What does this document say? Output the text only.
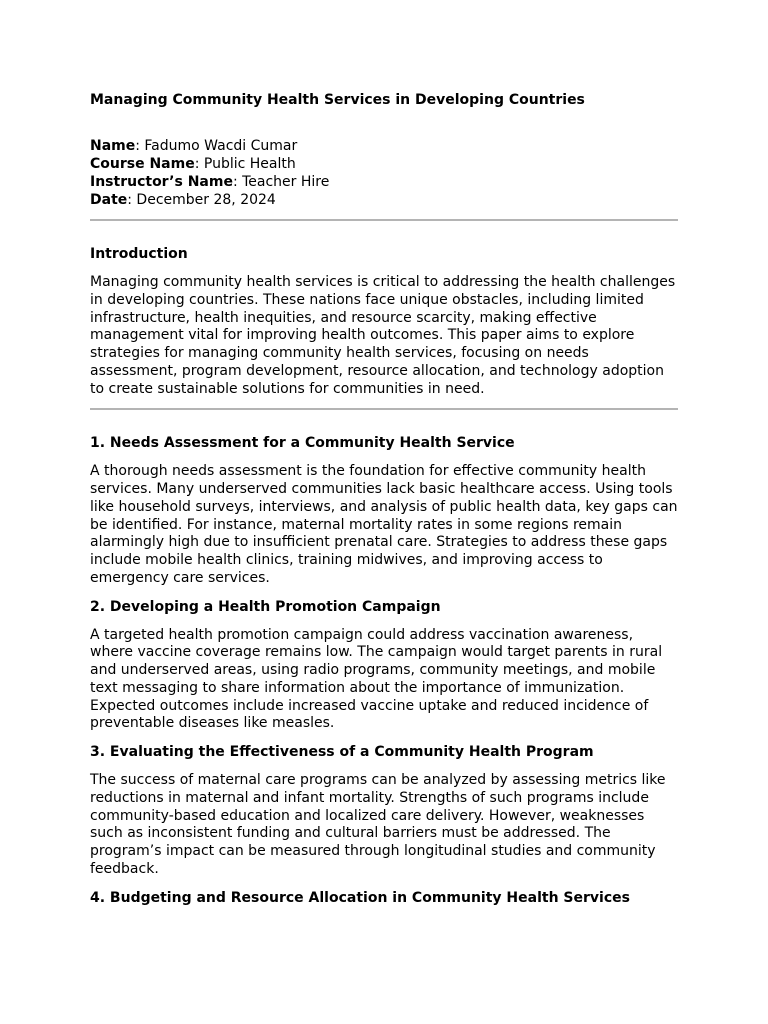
Managing Community Health Services in Developing Countries

Name: Fadumo Wacdi Cumar

Course Name: Public Health

Instructor’s Name: Teacher Hire

Date: December 28, 2024

Introduction

Managing community health services is critical to addressing the health challenges in developing countries. These nations face unique obstacles, including limited infrastructure, health inequities, and resource scarcity, making effective management vital for improving health outcomes. This paper aims to explore strategies for managing community health services, focusing on needs assessment, program development, resource allocation, and technology adoption to create sustainable solutions for communities in need.

1. Needs Assessment for a Community Health Service

A thorough needs assessment is the foundation for effective community health services. Many underserved communities lack basic healthcare access. Using tools like household surveys, interviews, and analysis of public health data, key gaps can be identified. For instance, maternal mortality rates in some regions remain alarmingly high due to insufficient prenatal care. Strategies to address these gaps include mobile health clinics, training midwives, and improving access to emergency care services.

2. Developing a Health Promotion Campaign

A targeted health promotion campaign could address vaccination awareness, where vaccine coverage remains low. The campaign would target parents in rural and underserved areas, using radio programs, community meetings, and mobile text messaging to share information about the importance of immunization. Expected outcomes include increased vaccine uptake and reduced incidence of preventable diseases like measles.

3. Evaluating the Effectiveness of a Community Health Program

The success of maternal care programs can be analyzed by assessing metrics like reductions in maternal and infant mortality. Strengths of such programs include community-based education and localized care delivery. However, weaknesses such as inconsistent funding and cultural barriers must be addressed. The program’s impact can be measured through longitudinal studies and community feedback.

4. Budgeting and Resource Allocation in Community Health Services
